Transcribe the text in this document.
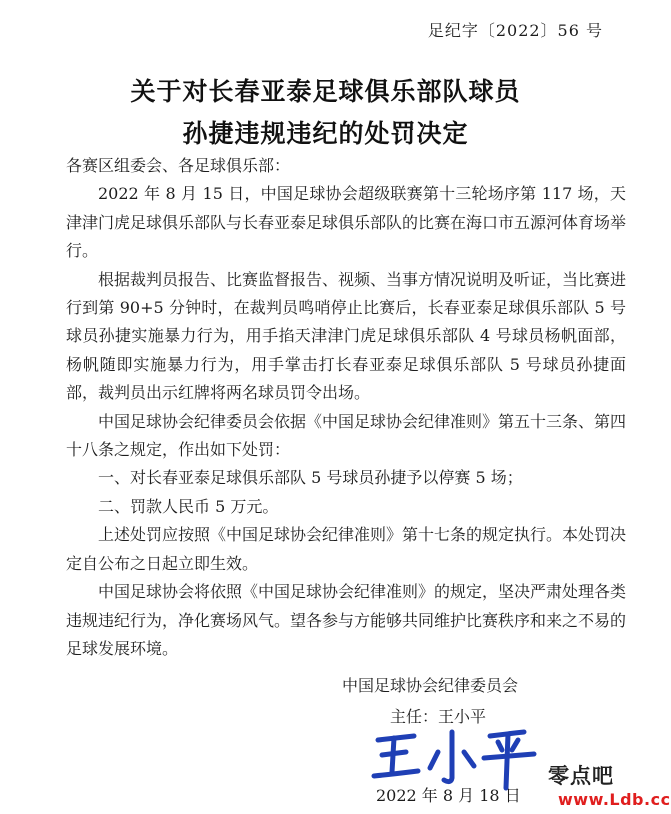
足纪字〔2022〕56 号
关于对长春亚泰足球俱乐部队球员
孙捷违规违纪的处罚决定

各赛区组委会、各足球俱乐部：

2022 年 8 月 15 日，中国足球协会超级联赛第十三轮场序第 117 场，天津津门虎足球俱乐部队与长春亚泰足球俱乐部队的比赛在海口市五源河体育场举行。

根据裁判员报告、比赛监督报告、视频、当事方情况说明及听证，当比赛进行到第 90+5 分钟时，在裁判员鸣哨停止比赛后，长春亚泰足球俱乐部队 5 号球员孙捷实施暴力行为，用手掐天津津门虎足球俱乐部队 4 号球员杨帆面部，杨帆随即实施暴力行为，用手掌击打长春亚泰足球俱乐部队 5 号球员孙捷面部，裁判员出示红牌将两名球员罚令出场。

中国足球协会纪律委员会依据《中国足球协会纪律准则》第五十三条、第四十八条之规定，作出如下处罚：

一、对长春亚泰足球俱乐部队 5 号球员孙捷予以停赛 5 场；

二、罚款人民币 5 万元。

上述处罚应按照《中国足球协会纪律准则》第十七条的规定执行。本处罚决定自公布之日起立即生效。

中国足球协会将依照《中国足球协会纪律准则》的规定，坚决严肃处理各类违规违纪行为，净化赛场风气。望各参与方能够共同维护比赛秩序和来之不易的足球发展环境。

中国足球协会纪律委员会
主任：王小平
2022 年 8 月 18 日
零点吧
www.Ldb.cc
